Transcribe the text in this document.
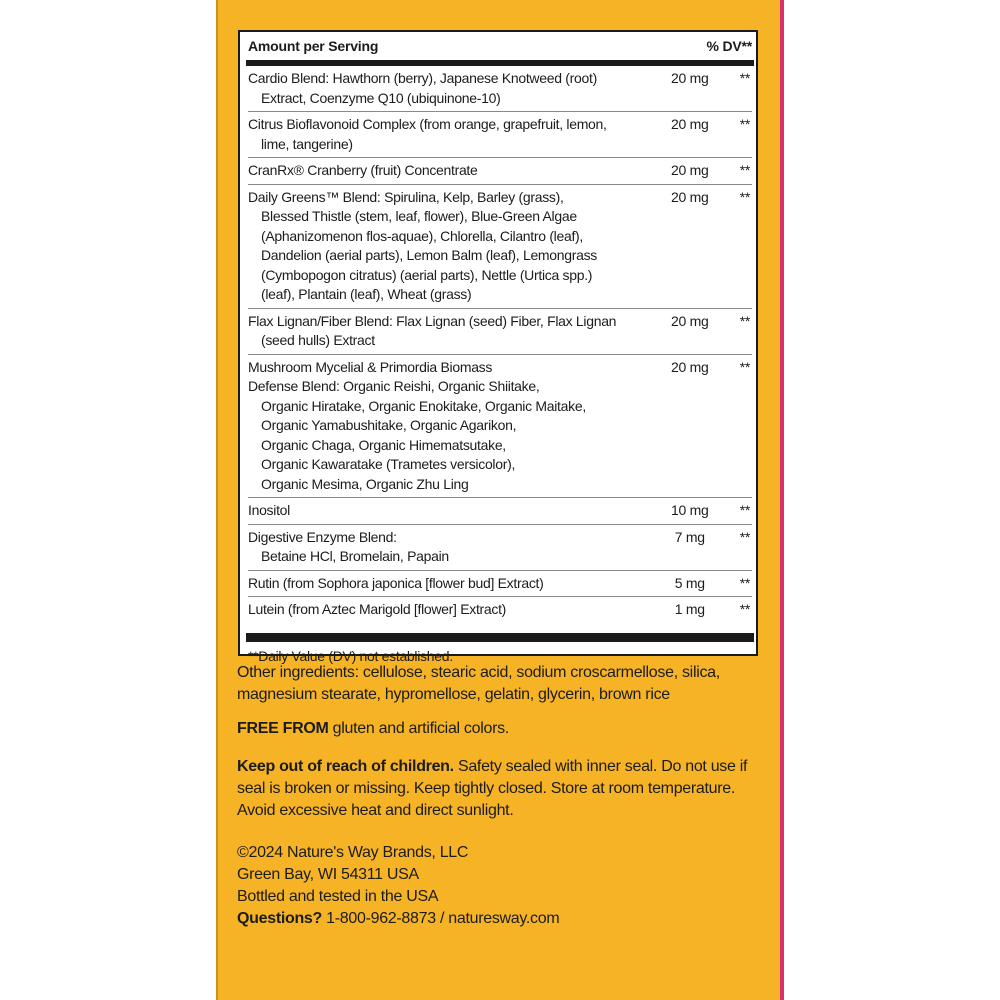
Amount per Serving	% DV**
Cardio Blend: Hawthorn (berry), Japanese Knotweed (root)
Extract, Coenzyme Q10 (ubiquinone-10)
20 mg	**
Citrus Bioflavonoid Complex (from orange, grapefruit, lemon,
lime, tangerine)
20 mg	**
CranRx® Cranberry (fruit) Concentrate	20 mg	**
Daily Greens™ Blend: Spirulina, Kelp, Barley (grass),
Blessed Thistle (stem, leaf, flower), Blue-Green Algae
(Aphanizomenon flos-aquae), Chlorella, Cilantro (leaf),
Dandelion (aerial parts), Lemon Balm (leaf), Lemongrass
(Cymbopogon citratus) (aerial parts), Nettle (Urtica spp.)
(leaf), Plantain (leaf), Wheat (grass)
20 mg	**
Flax Lignan/Fiber Blend: Flax Lignan (seed) Fiber, Flax Lignan
(seed hulls) Extract
20 mg	**
Mushroom Mycelial & Primordia Biomass
Defense Blend: Organic Reishi, Organic Shiitake,
Organic Hiratake, Organic Enokitake, Organic Maitake,
Organic Yamabushitake, Organic Agarikon,
Organic Chaga, Organic Himematsutake,
Organic Kawaratake (Trametes versicolor),
Organic Mesima, Organic Zhu Ling
20 mg	**
Inositol	10 mg	**
Digestive Enzyme Blend:
Betaine HCl, Bromelain, Papain
7 mg	**
Rutin (from Sophora japonica [flower bud] Extract)	5 mg	**
Lutein (from Aztec Marigold [flower] Extract)	1 mg	**
**Daily Value (DV) not established.
Other ingredients: cellulose, stearic acid, sodium croscarmellose, silica, magnesium stearate, hypromellose, gelatin, glycerin, brown rice
FREE FROM gluten and artificial colors.
Keep out of reach of children. Safety sealed with inner seal. Do not use if seal is broken or missing. Keep tightly closed. Store at room temperature. Avoid excessive heat and direct sunlight.
©2024 Nature's Way Brands, LLC
Green Bay, WI 54311 USA
Bottled and tested in the USA
Questions? 1-800-962-8873 / naturesway.com
